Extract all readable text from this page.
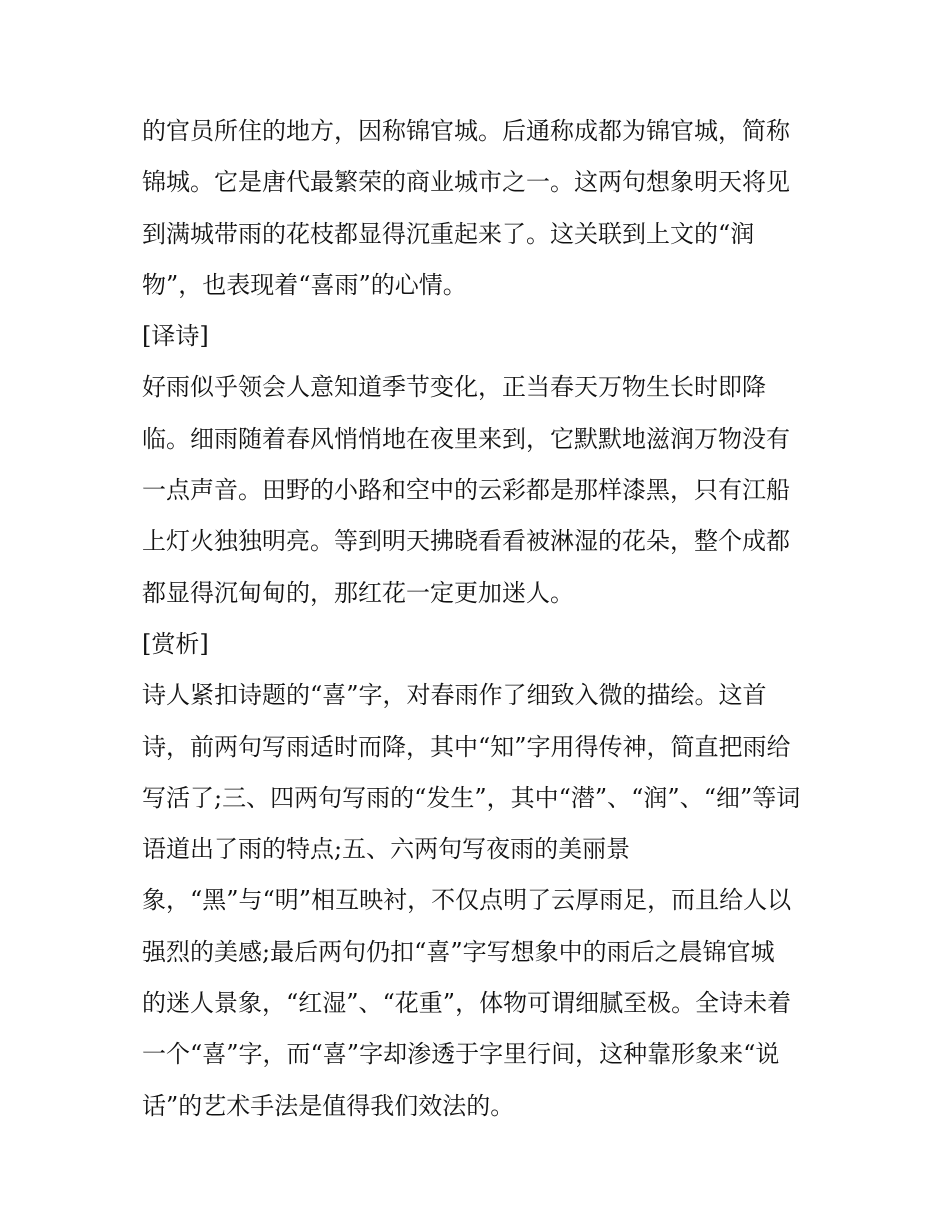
的官员所住的地方，因称锦官城。后通称成都为锦官城，简称
锦城。它是唐代最繁荣的商业城市之一。这两句想象明天将见
到满城带雨的花枝都显得沉重起来了。这关联到上文的“润
物”，也表现着“喜雨”的心情。
[译诗]
好雨似乎领会人意知道季节变化，正当春天万物生长时即降
临。细雨随着春风悄悄地在夜里来到，它默默地滋润万物没有
一点声音。田野的小路和空中的云彩都是那样漆黑，只有江船
上灯火独独明亮。等到明天拂晓看看被淋湿的花朵，整个成都
都显得沉甸甸的，那红花一定更加迷人。
[赏析]
诗人紧扣诗题的“喜”字，对春雨作了细致入微的描绘。这首
诗，前两句写雨适时而降，其中“知”字用得传神，简直把雨给
写活了;三、四两句写雨的“发生”，其中“潜”、“润”、“细”等词
语道出了雨的特点;五、六两句写夜雨的美丽景
象，“黑”与“明”相互映衬，不仅点明了云厚雨足，而且给人以
强烈的美感;最后两句仍扣“喜”字写想象中的雨后之晨锦官城
的迷人景象，“红湿”、“花重”，体物可谓细腻至极。全诗未着
一个“喜”字，而“喜”字却渗透于字里行间，这种靠形象来“说
话”的艺术手法是值得我们效法的。
